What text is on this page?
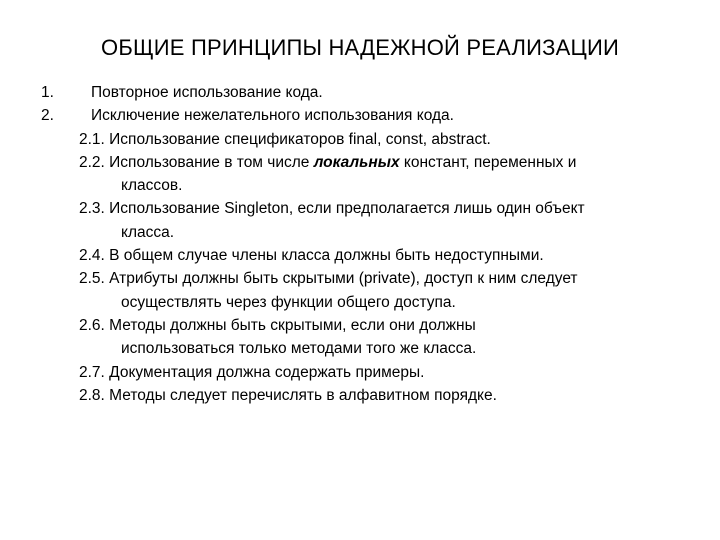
ОБЩИЕ ПРИНЦИПЫ НАДЕЖНОЙ РЕАЛИЗАЦИИ
1.	Повторное использование кода.
2.	Исключение нежелательного использования кода.
2.1. Использование спецификаторов final, const, abstract.
2.2. Использование в том числе локальных констант, переменных и
классов.
2.3. Использование Singleton, если предполагается лишь один объект
класса.
2.4. В общем случае члены класса должны быть недоступными.
2.5. Атрибуты должны быть скрытыми (private), доступ к ним следует
осуществлять через функции общего доступа.
2.6. Методы должны быть скрытыми, если они должны
использоваться только методами того же класса.
2.7. Документация должна содержать примеры.
2.8. Методы следует перечислять в алфавитном порядке.
